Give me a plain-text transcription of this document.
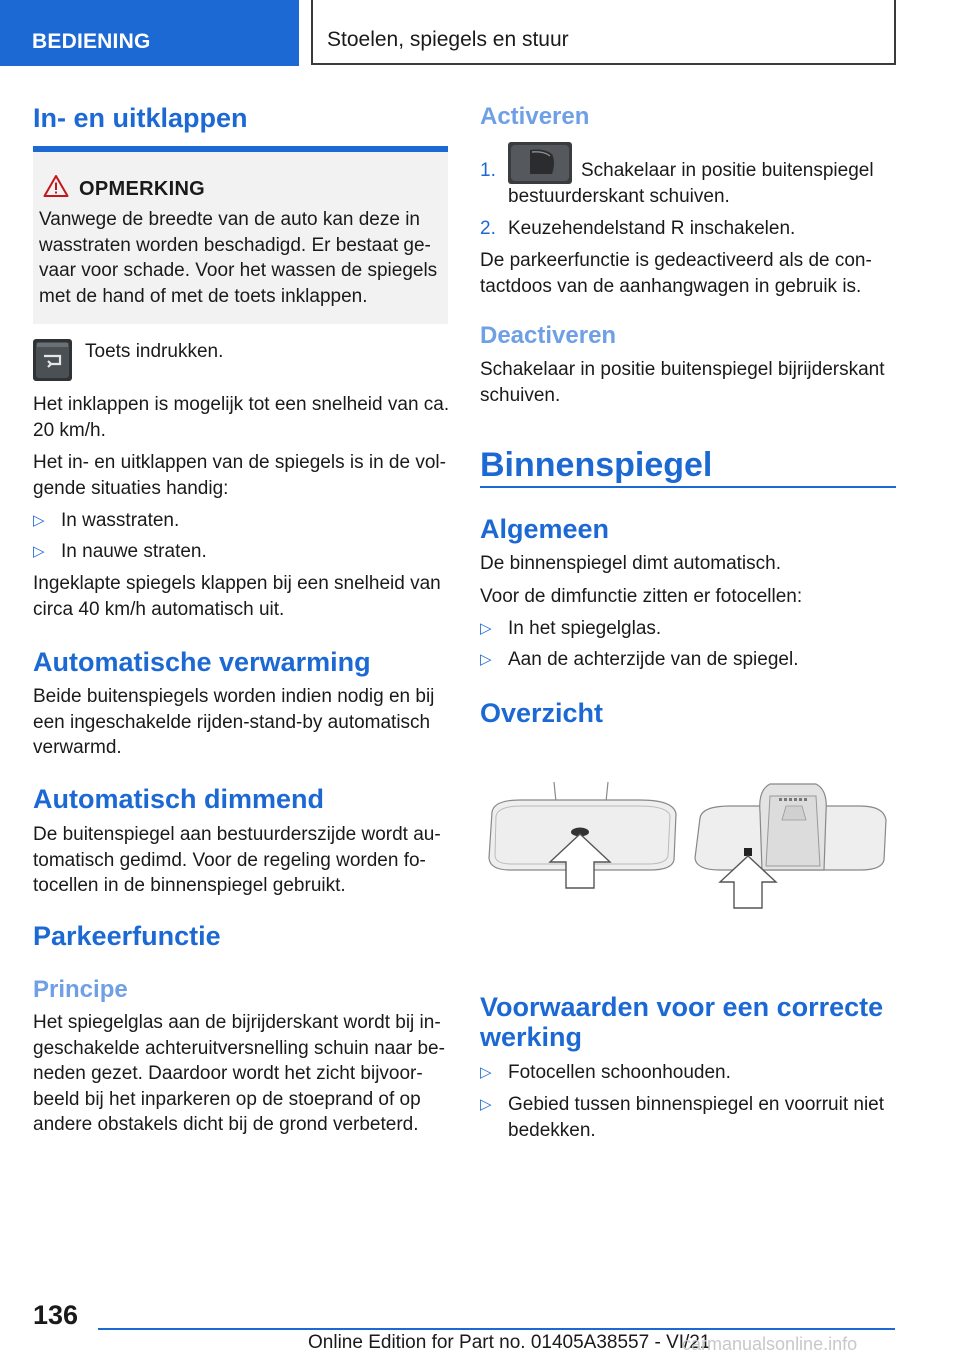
BEDIENING	Stoelen, spiegels en stuur
In- en uitklappen
OPMERKING
Vanwege de breedte van de auto kan deze in wasstraten worden beschadigd. Er bestaat ge- vaar voor schade. Voor het wassen de spiegels met de hand of met de toets inklappen.
Toets indrukken.
Het inklappen is mogelijk tot een snelheid van ca. 20 km/h.
Het in- en uitklappen van de spiegels is in de vol- gende situaties handig:
▷ In wasstraten.
▷ In nauwe straten.
Ingeklapte spiegels klappen bij een snelheid van circa 40 km/h automatisch uit.
Automatische verwarming
Beide buitenspiegels worden indien nodig en bij een ingeschakelde rijden-stand-by automatisch verwarmd.
Automatisch dimmend
De buitenspiegel aan bestuurderszijde wordt au- tomatisch gedimd. Voor de regeling worden fo- tocellen in de binnenspiegel gebruikt.
Parkeerfunctie
Principe
Het spiegelglas aan de bijrijderskant wordt bij in- geschakelde achteruitversnelling schuin naar be- neden gezet. Daardoor wordt het zicht bijvoor- beeld bij het inparkeren op de stoeprand of op andere obstakels dicht bij de grond verbeterd.
Activeren
1.	Schakelaar in positie buitenspiegel
bestuurderskant schuiven.
2. Keuzehendelstand R inschakelen.
De parkeerfunctie is gedeactiveerd als de con- tactdoos van de aanhangwagen in gebruik is.
Deactiveren
Schakelaar in positie buitenspiegel bijrijderskant schuiven.
Binnenspiegel
Algemeen
De binnenspiegel dimt automatisch.
Voor de dimfunctie zitten er fotocellen:
▷ In het spiegelglas.
▷ Aan de achterzijde van de spiegel.
Overzicht
Voorwaarden voor een correcte werking
▷ Fotocellen schoonhouden.
▷ Gebied tussen binnenspiegel en voorruit niet bedekken.
136
Online Edition for Part no. 01405A38557 - VI/21
carmanualsonline.info
